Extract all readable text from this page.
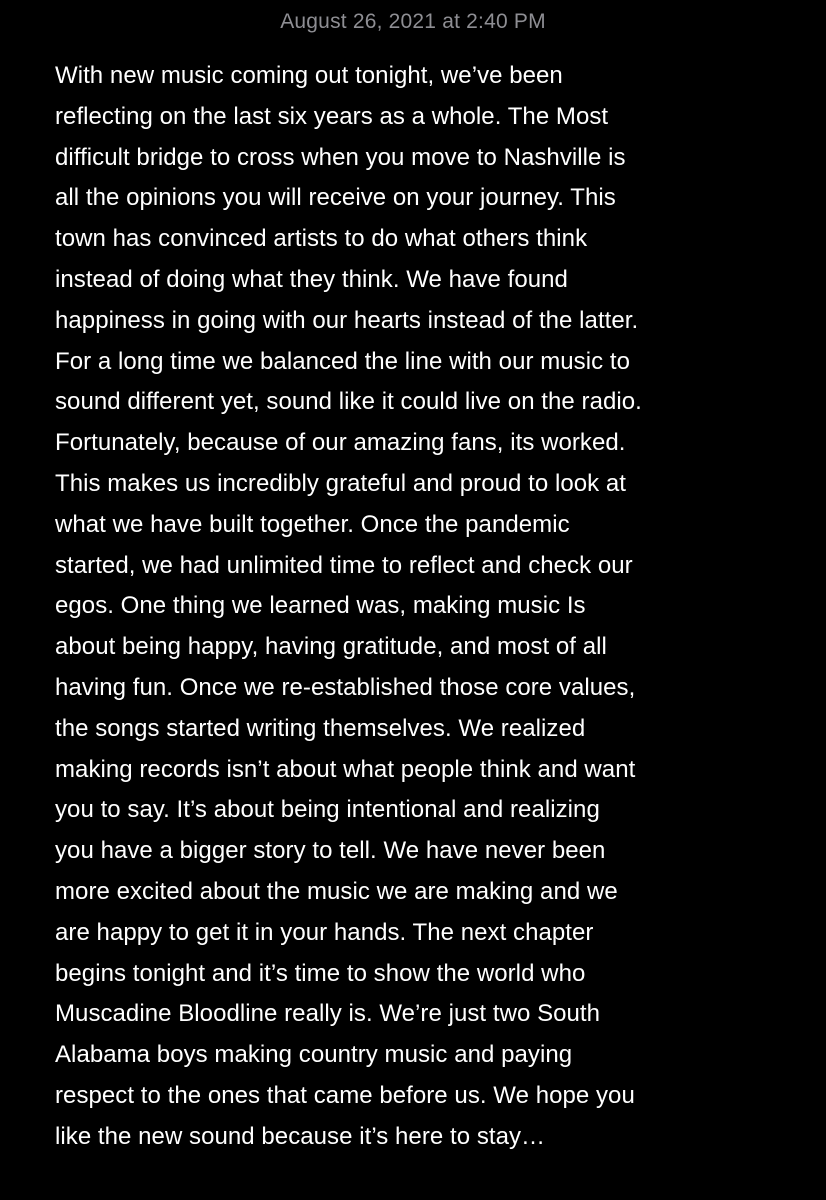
August 26, 2021 at 2:40 PM
With new music coming out tonight, we’ve been
reflecting on the last six years as a whole. The Most
difficult bridge to cross when you move to Nashville is
all the opinions you will receive on your journey. This
town has convinced artists to do what others think
instead of doing what they think. We have found
happiness in going with our hearts instead of the latter.
For a long time we balanced the line with our music to
sound different yet, sound like it could live on the radio.
Fortunately, because of our amazing fans, its worked.
This makes us incredibly grateful and proud to look at
what we have built together. Once the pandemic
started, we had unlimited time to reflect and check our
egos. One thing we learned was, making music Is
about being happy, having gratitude, and most of all
having fun. Once we re-established those core values,
the songs started writing themselves. We realized
making records isn’t about what people think and want
you to say. It’s about being intentional and realizing
you have a bigger story to tell. We have never been
more excited about the music we are making and we
are happy to get it in your hands. The next chapter
begins tonight and it’s time to show the world who
Muscadine Bloodline really is. We’re just two South
Alabama boys making country music and paying
respect to the ones that came before us. We hope you
like the new sound because it’s here to stay…
